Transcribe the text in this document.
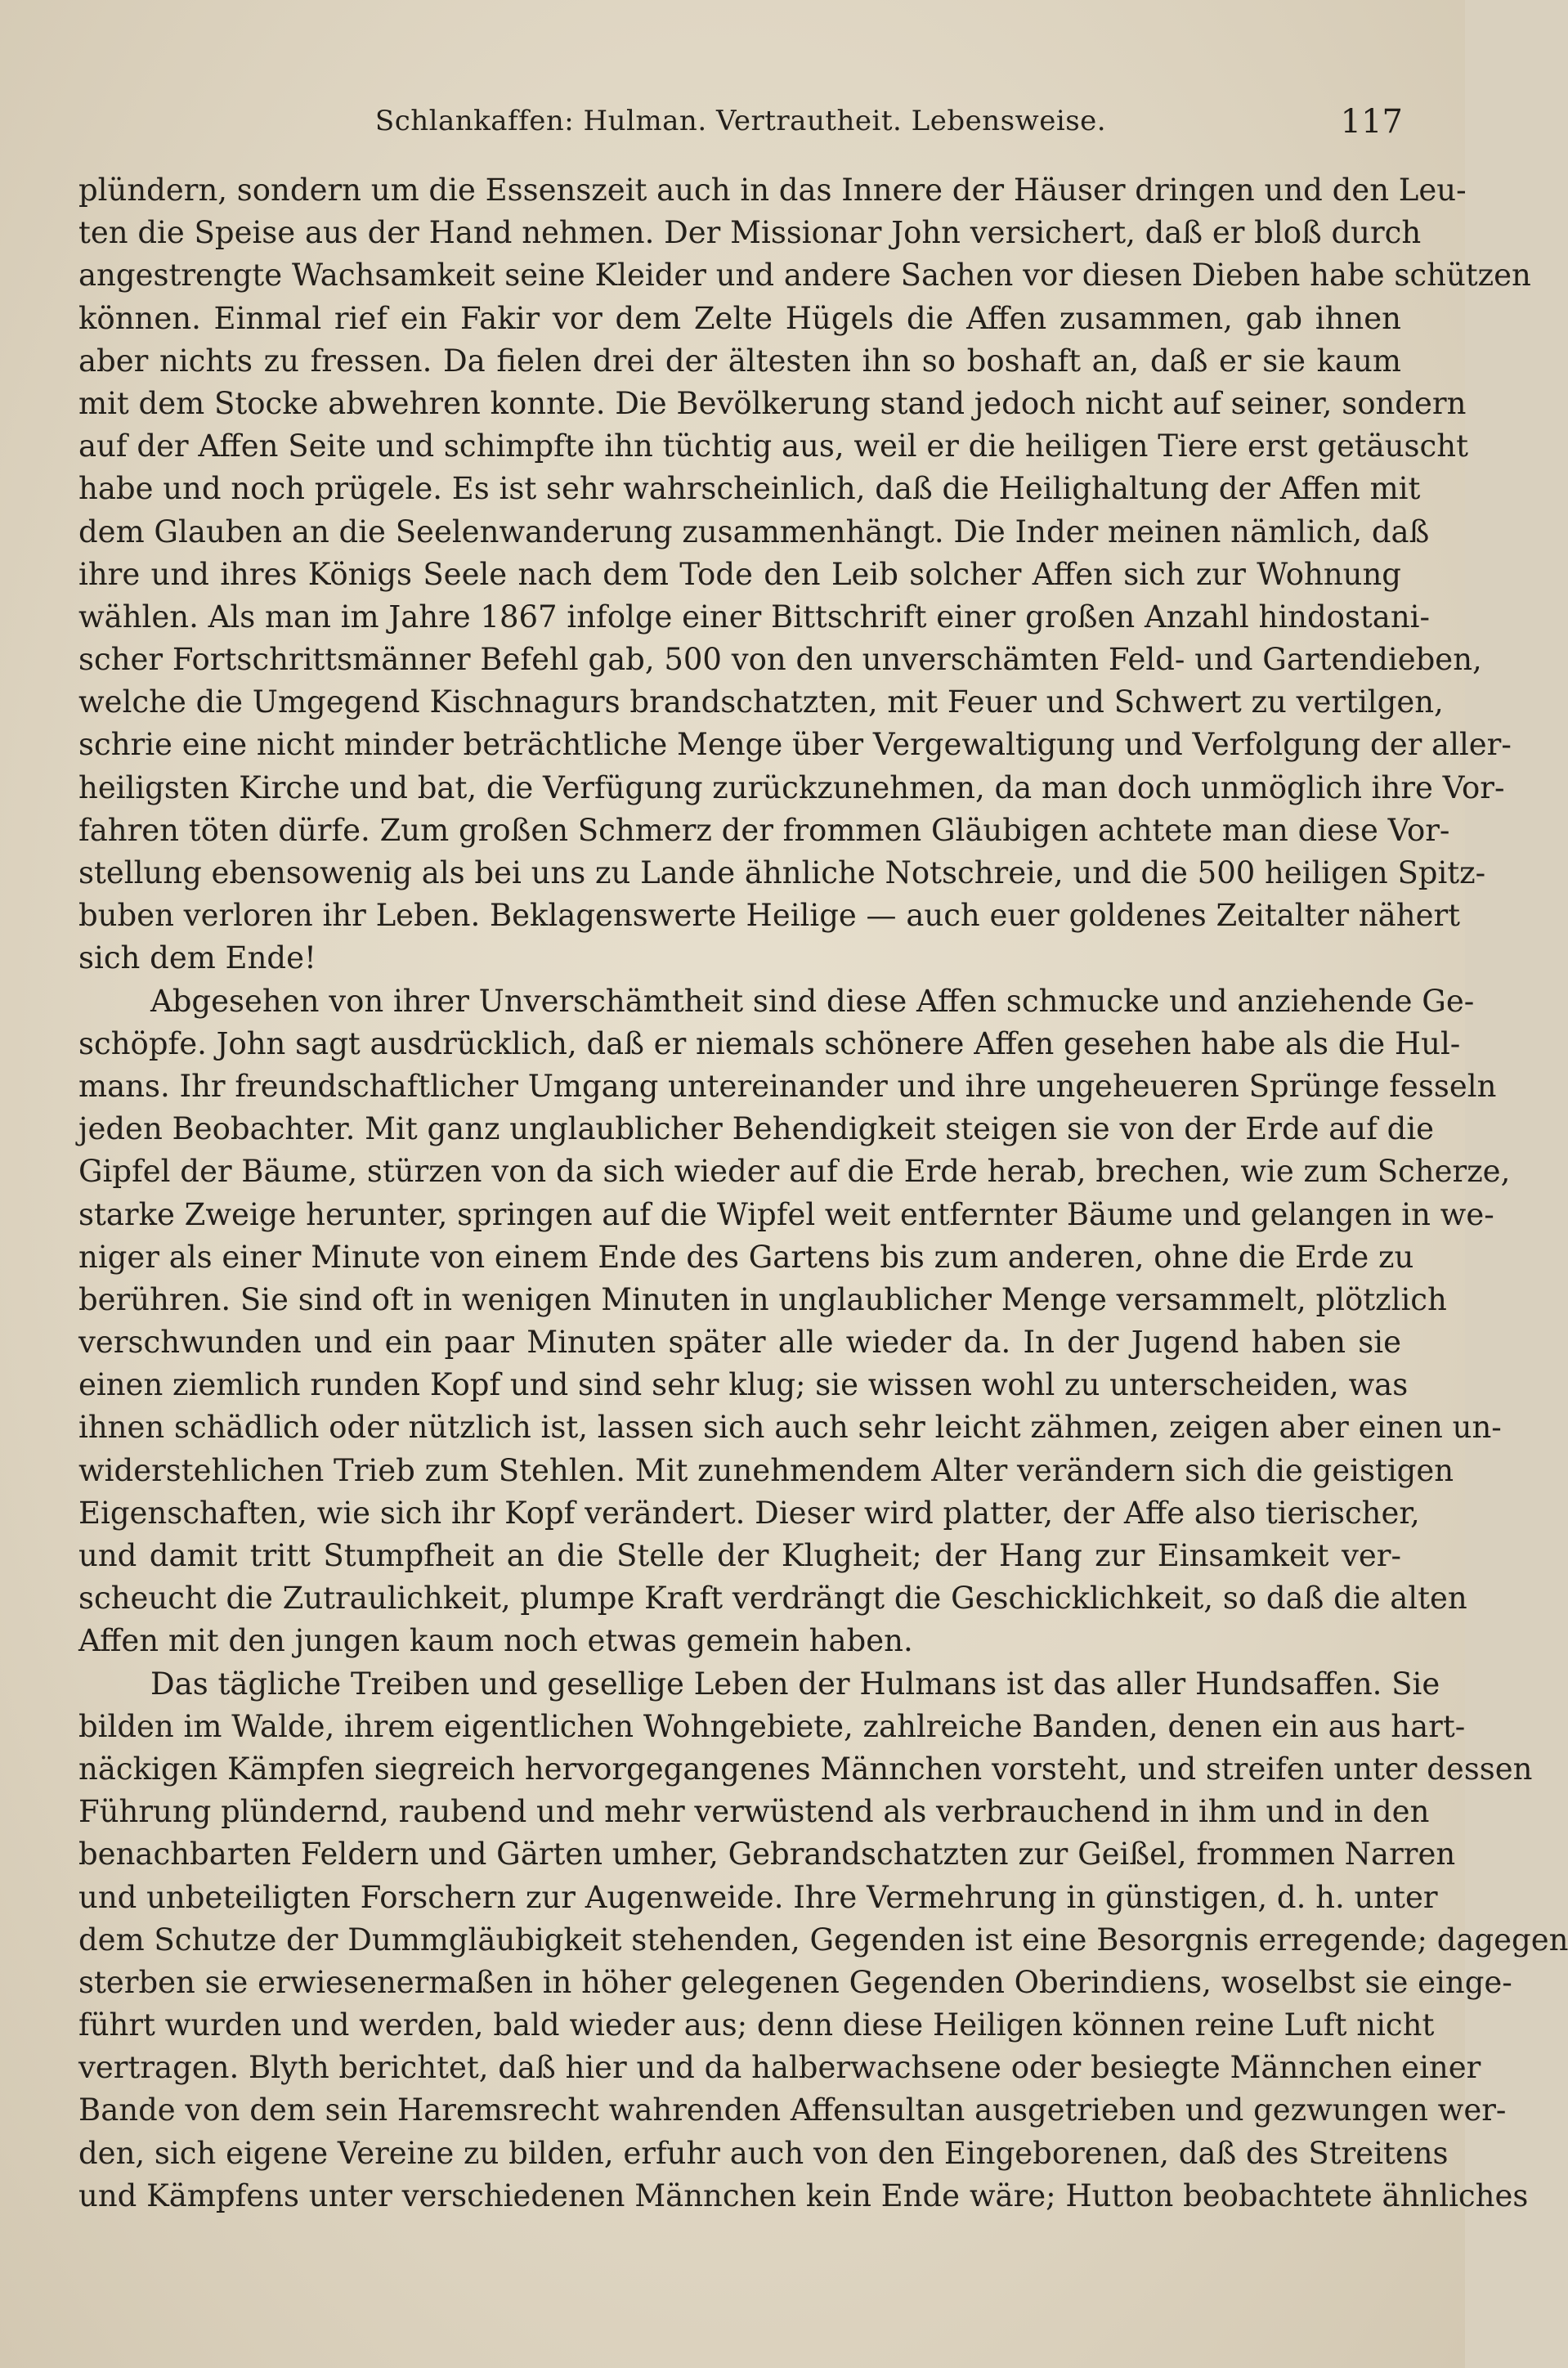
Schlankaffen: Hulman. Vertrautheit. Lebensweise.	117
plündern, sondern um die Essenszeit auch in das Innere der Häuser dringen und den Leu-
ten die Speise aus der Hand nehmen. Der Missionar John versichert, daß er bloß durch
angestrengte Wachsamkeit seine Kleider und andere Sachen vor diesen Dieben habe schützen
können. Einmal rief ein Fakir vor dem Zelte Hügels die Affen zusammen, gab ihnen
aber nichts zu fressen. Da fielen drei der ältesten ihn so boshaft an, daß er sie kaum
mit dem Stocke abwehren konnte. Die Bevölkerung stand jedoch nicht auf seiner, sondern
auf der Affen Seite und schimpfte ihn tüchtig aus, weil er die heiligen Tiere erst getäuscht
habe und noch prügele. Es ist sehr wahrscheinlich, daß die Heilighaltung der Affen mit
dem Glauben an die Seelenwanderung zusammenhängt. Die Inder meinen nämlich, daß
ihre und ihres Königs Seele nach dem Tode den Leib solcher Affen sich zur Wohnung
wählen. Als man im Jahre 1867 infolge einer Bittschrift einer großen Anzahl hindostani-
scher Fortschrittsmänner Befehl gab, 500 von den unverschämten Feld- und Gartendieben,
welche die Umgegend Kischnagurs brandschatzten, mit Feuer und Schwert zu vertilgen,
schrie eine nicht minder beträchtliche Menge über Vergewaltigung und Verfolgung der aller-
heiligsten Kirche und bat, die Verfügung zurückzunehmen, da man doch unmöglich ihre Vor-
fahren töten dürfe. Zum großen Schmerz der frommen Gläubigen achtete man diese Vor-
stellung ebensowenig als bei uns zu Lande ähnliche Notschreie, und die 500 heiligen Spitz-
buben verloren ihr Leben. Beklagenswerte Heilige — auch euer goldenes Zeitalter nähert
sich dem Ende!
Abgesehen von ihrer Unverschämtheit sind diese Affen schmucke und anziehende Ge-
schöpfe. John sagt ausdrücklich, daß er niemals schönere Affen gesehen habe als die Hul-
mans. Ihr freundschaftlicher Umgang untereinander und ihre ungeheueren Sprünge fesseln
jeden Beobachter. Mit ganz unglaublicher Behendigkeit steigen sie von der Erde auf die
Gipfel der Bäume, stürzen von da sich wieder auf die Erde herab, brechen, wie zum Scherze,
starke Zweige herunter, springen auf die Wipfel weit entfernter Bäume und gelangen in we-
niger als einer Minute von einem Ende des Gartens bis zum anderen, ohne die Erde zu
berühren. Sie sind oft in wenigen Minuten in unglaublicher Menge versammelt, plötzlich
verschwunden und ein paar Minuten später alle wieder da. In der Jugend haben sie
einen ziemlich runden Kopf und sind sehr klug; sie wissen wohl zu unterscheiden, was
ihnen schädlich oder nützlich ist, lassen sich auch sehr leicht zähmen, zeigen aber einen un-
widerstehlichen Trieb zum Stehlen. Mit zunehmendem Alter verändern sich die geistigen
Eigenschaften, wie sich ihr Kopf verändert. Dieser wird platter, der Affe also tierischer,
und damit tritt Stumpfheit an die Stelle der Klugheit; der Hang zur Einsamkeit ver-
scheucht die Zutraulichkeit, plumpe Kraft verdrängt die Geschicklichkeit, so daß die alten
Affen mit den jungen kaum noch etwas gemein haben.
Das tägliche Treiben und gesellige Leben der Hulmans ist das aller Hundsaffen. Sie
bilden im Walde, ihrem eigentlichen Wohngebiete, zahlreiche Banden, denen ein aus hart-
näckigen Kämpfen siegreich hervorgegangenes Männchen vorsteht, und streifen unter dessen
Führung plündernd, raubend und mehr verwüstend als verbrauchend in ihm und in den
benachbarten Feldern und Gärten umher, Gebrandschatzten zur Geißel, frommen Narren
und unbeteiligten Forschern zur Augenweide. Ihre Vermehrung in günstigen, d. h. unter
dem Schutze der Dummgläubigkeit stehenden, Gegenden ist eine Besorgnis erregende; dagegen
sterben sie erwiesenermaßen in höher gelegenen Gegenden Oberindiens, woselbst sie einge-
führt wurden und werden, bald wieder aus; denn diese Heiligen können reine Luft nicht
vertragen. Blyth berichtet, daß hier und da halberwachsene oder besiegte Männchen einer
Bande von dem sein Haremsrecht wahrenden Affensultan ausgetrieben und gezwungen wer-
den, sich eigene Vereine zu bilden, erfuhr auch von den Eingeborenen, daß des Streitens
und Kämpfens unter verschiedenen Männchen kein Ende wäre; Hutton beobachtete ähnliches
